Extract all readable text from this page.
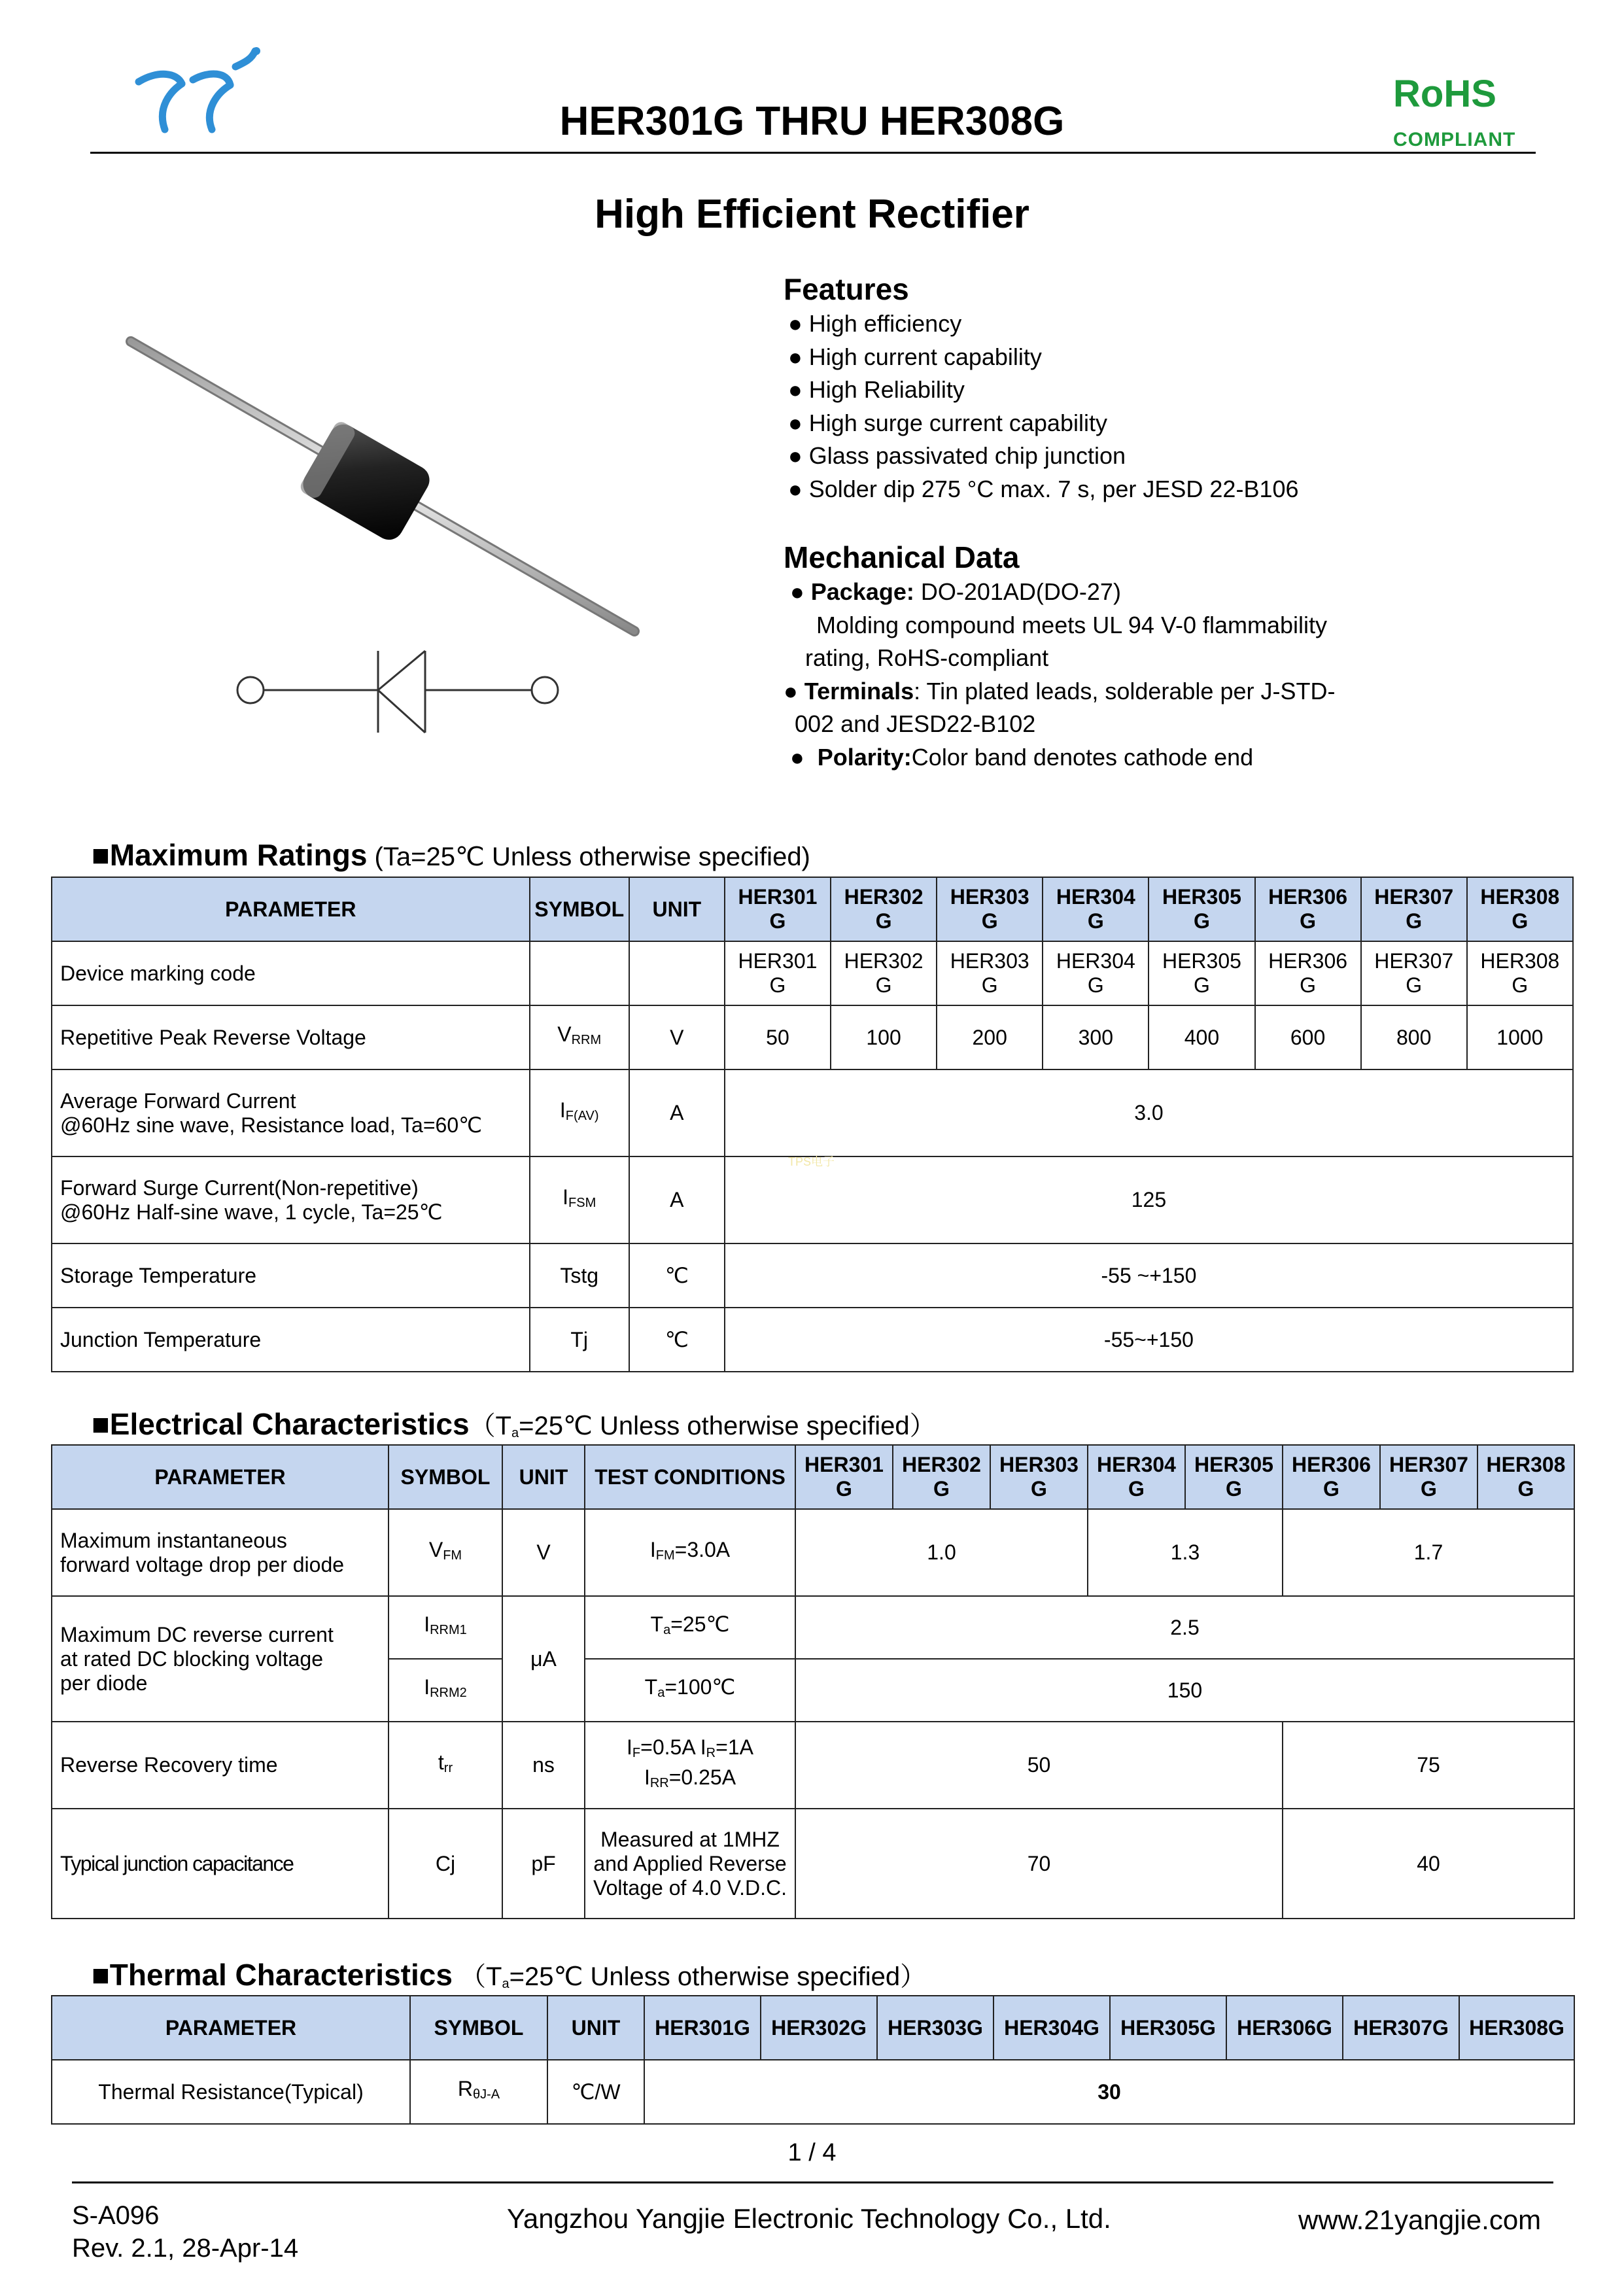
HER301G THRU HER308G
RoHS
COMPLIANT
High Efficient Rectifier
Features
● High efficiency
● High current capability
● High Reliability
● High surge current capability
● Glass passivated chip junction
● Solder dip 275 °C max. 7 s, per JESD 22-B106
Mechanical Data
● Package: DO-201AD(DO-27)
Molding compound meets UL 94 V-0 flammability
rating, RoHS-compliant
● Terminals: Tin plated leads, solderable per J-STD-
002 and JESD22-B102
●  Polarity:Color band denotes cathode end
■Maximum Ratings (Ta=25℃ Unless otherwise specified)
PARAMETER	SYMBOL	UNIT	HER301
G	HER302
G	HER303
G	HER304
G	HER305
G	HER306
G	HER307
G	HER308
G
Device marking code			HER301
G	HER302
G	HER303
G	HER304
G	HER305
G	HER306
G	HER307
G	HER308
G
Repetitive Peak Reverse Voltage	$V_{RRM}$	V	50	100	200	300	400	600	800	1000
Average Forward Current
@60Hz sine wave, Resistance load, Ta=60℃	$I_{F(AV)}$	A	3.0							
Forward Surge Current(Non-repetitive)
@60Hz Half-sine wave, 1 cycle, Ta=25℃	$I_{FSM}$	A	125							
Storage Temperature	Tstg	℃	-55 ~+150							
Junction Temperature	Tj	℃	-55~+150							
TPS电子
■Electrical $Characteristics(T_a=25℃$ Unless otherwise specified）
PARAMETER	SYMBOL	UNIT	TEST CONDITIONS	HER301
G	HER302
G	HER303
G	HER304
G	HER305
G	HER306
G	HER307
G	HER308
G
Maximum instantaneous
forward voltage drop per diode	$V_{FM}$	V	$I_{FM}=3.0A$	1.0			1.3		1.7		
Maximum DC reverse current
at rated DC blocking voltage
per diode	$I_{RRM1}$	μA	$T_a=25℃$	2.5							
	$I_{RRM2}$		$T_a=100℃$	150							
Reverse Recovery time	$t_{rr}$	ns	$I_F=0.5A$ $I_R=1A$
$I_{RR}=0.25A$	50					75		
Typical junction capacitance	Cj	pF	Measured at 1MHZ
and Applied Reverse
Voltage of 4.0 V.D.C.	70					40		
■Thermal Characteristics （$T_a=25℃$ Unless otherwise specified）
PARAMETER	SYMBOL	UNIT	HER301G	HER302G	HER303G	HER304G	HER305G	HER306G	HER307G	HER308G
Thermal Resistance(Typical)	$R_{\theta J-A}$	℃/W	30							
1 / 4
S-A096
Rev. 2.1, 28-Apr-14
Yangzhou Yangjie Electronic Technology Co., Ltd.	www.21yangjie.com
